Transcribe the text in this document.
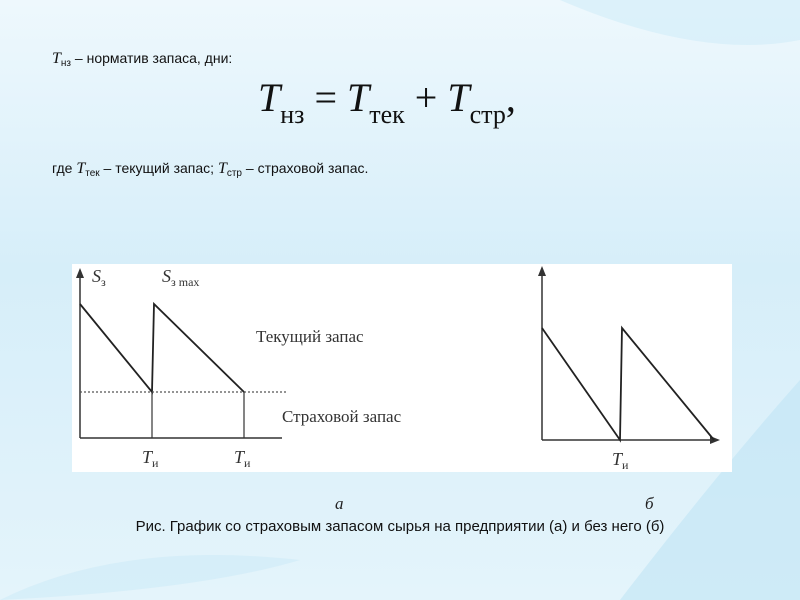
$T_{нз}$ – норматив запаса, дни:
$T_{нз} = T_{тек} + T_{стр}$,
где $T_{тек}$ – текущий запас; $T_{стр}$ – страховой запас.
$S_з$	$S_{з max}$
Текущий запас
Страховой запас
$T_и$	$T_и$	$T_и$
а	б
Рис. График со страховым запасом сырья на предприятии (а) и без него (б)
